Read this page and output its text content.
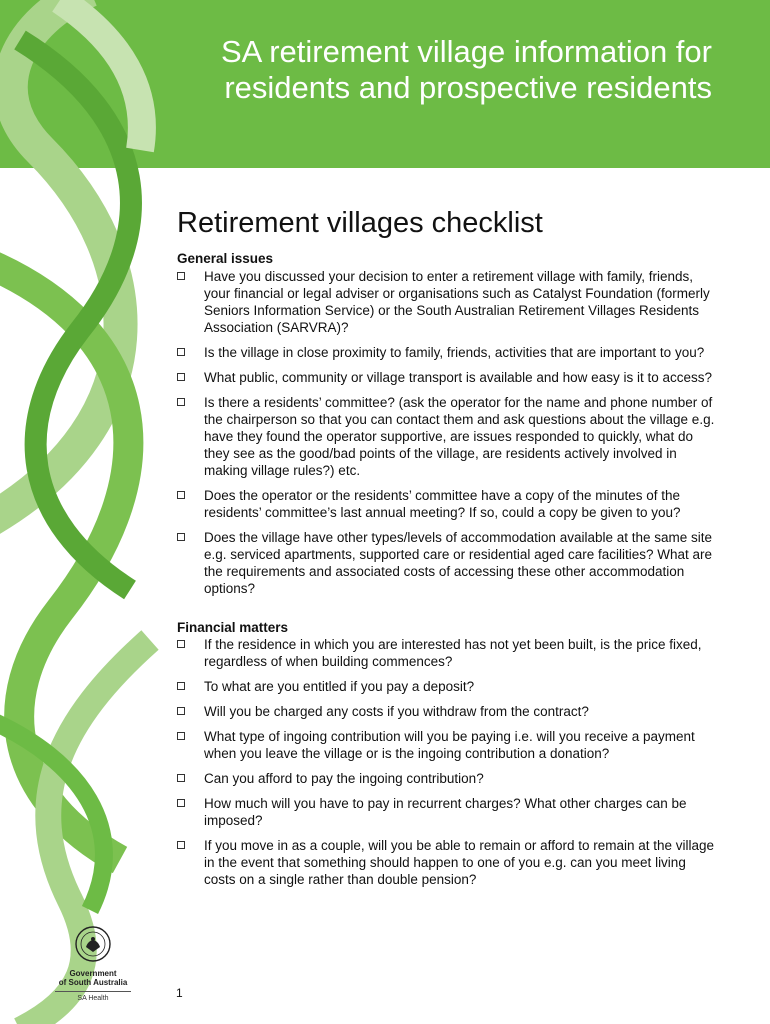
SA retirement village information for residents and prospective residents
Retirement villages checklist

General issues

Have you discussed your decision to enter a retirement village with family, friends, your financial or legal adviser or organisations such as Catalyst Foundation (formerly Seniors Information Service) or the South Australian Retirement Villages Residents Association (SARVRA)?
Is the village in close proximity to family, friends, activities that are important to you?
What public, community or village transport is available and how easy is it to access?
Is there a residents’ committee? (ask the operator for the name and phone number of the chairperson so that you can contact them and ask questions about the village e.g. have they found the operator supportive, are issues responded to quickly, what do they see as the good/bad points of the village, are residents actively involved in making village rules?) etc.
Does the operator or the residents’ committee have a copy of the minutes of the residents’ committee’s last annual meeting? If so, could a copy be given to you?
Does the village have other types/levels of accommodation available at the same site e.g. serviced apartments, supported care or residential aged care facilities? What are the requirements and associated costs of accessing these other accommodation options?

Financial matters

If the residence in which you are interested has not yet been built, is the price fixed, regardless of when building commences?
To what are you entitled if you pay a deposit?
Will you be charged any costs if you withdraw from the contract?
What type of ingoing contribution will you be paying i.e. will you receive a payment when you leave the village or is the ingoing contribution a donation?
Can you afford to pay the ingoing contribution?
How much will you have to pay in recurrent charges? What other charges can be imposed?
If you move in as a couple, will you be able to remain or afford to remain at the village in the event that something should happen to one of you e.g. can you meet living costs on a single rather than double pension?
Government
of South Australia
SA Health	1
